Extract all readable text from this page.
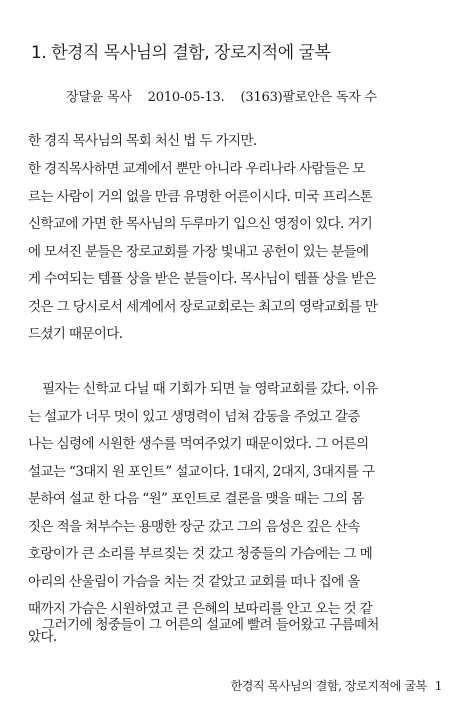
1. 한경직 목사님의 결함, 장로지적에 굴복
장달윤 목사 2010-05-13. (3163)팔로안은 독자 수
한 경직 목사님의 목회 처신 법 두 가지만.
한 경직목사하면 교계에서 뿐만 아니라 우리나라 사람들은 모
르는 사람이 거의 없을 만큼 유명한 어른이시다. 미국 프리스톤
신학교에 가면 한 목사님의 두루마기 입으신 영정이 있다. 거기
에 모셔진 분들은 장로교회를 가장 빛내고 공헌이 있는 분들에
게 수여되는 템플 상을 받은 분들이다. 목사님이 템플 상을 받은
것은 그 당시로서 세계에서 장로교회로는 최고의 영락교회를 만
드셨기 때문이다.
필자는 신학교 다닐 때 기회가 되면 늘 영락교회를 갔다. 이유
는 설교가 너무 멋이 있고 생명력이 넘쳐 감동을 주었고 갈증
나는 심령에 시원한 생수를 먹여주었기 때문이었다. 그 어른의
설교는 “3대지 원 포인트” 설교이다. 1대지, 2대지, 3대지를 구
분하여 설교 한 다음 “원” 포인트로 결론을 맺을 때는 그의 몸
짓은 적을 쳐부수는 용맹한 장군 갔고 그의 음성은 깊은 산속
호랑이가 큰 소리를 부르짖는 것 갔고 청중들의 가슴에는 그 메
아리의 산울림이 가슴을 치는 것 같았고 교회를 떠나 집에 올
때까지 가슴은 시원하였고 큰 은혜의 보따리를 안고 오는 것 같
았다.
그러기에 청중들이 그 어른의 설교에 빨려 들어왔고 구름떼처
한경직 목사님의 결함, 장로지적에 굴복 1
